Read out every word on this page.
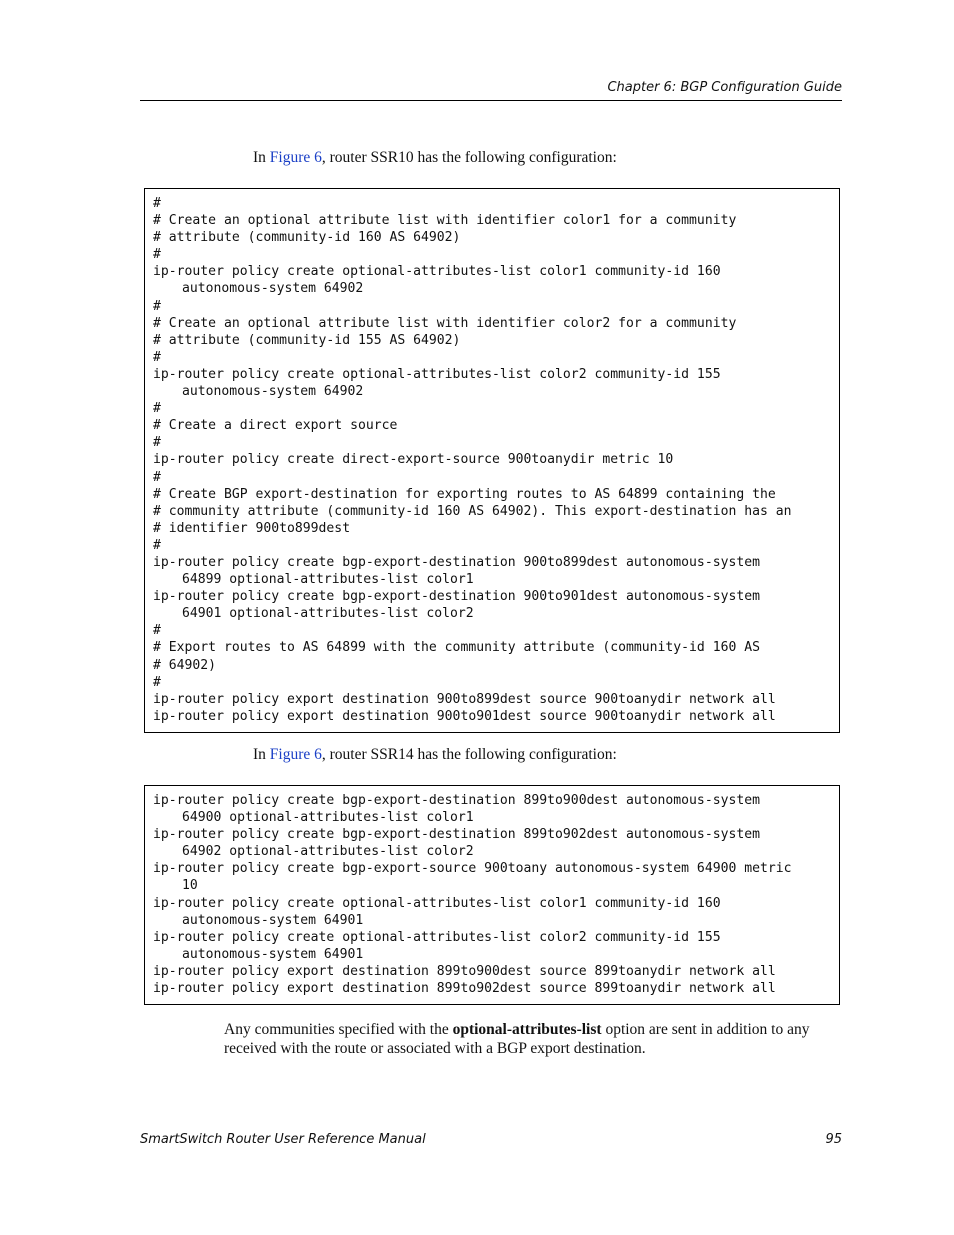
Chapter 6: BGP Configuration Guide
In Figure 6, router SSR10 has the following configuration:
#
# Create an optional attribute list with identifier color1 for a community
# attribute (community-id 160 AS 64902)
#
ip-router policy create optional-attributes-list color1 community-id 160
autonomous-system 64902
#
# Create an optional attribute list with identifier color2 for a community
# attribute (community-id 155 AS 64902)
#
ip-router policy create optional-attributes-list color2 community-id 155
autonomous-system 64902
#
# Create a direct export source
#
ip-router policy create direct-export-source 900toanydir metric 10
#
# Create BGP export-destination for exporting routes to AS 64899 containing the
# community attribute (community-id 160 AS 64902). This export-destination has an
# identifier 900to899dest
#
ip-router policy create bgp-export-destination 900to899dest autonomous-system
64899 optional-attributes-list color1
ip-router policy create bgp-export-destination 900to901dest autonomous-system
64901 optional-attributes-list color2
#
# Export routes to AS 64899 with the community attribute (community-id 160 AS
# 64902)
#
ip-router policy export destination 900to899dest source 900toanydir network all
ip-router policy export destination 900to901dest source 900toanydir network all
In Figure 6, router SSR14 has the following configuration:
ip-router policy create bgp-export-destination 899to900dest autonomous-system
64900 optional-attributes-list color1
ip-router policy create bgp-export-destination 899to902dest autonomous-system
64902 optional-attributes-list color2
ip-router policy create bgp-export-source 900toany autonomous-system 64900 metric
10
ip-router policy create optional-attributes-list color1 community-id 160
autonomous-system 64901
ip-router policy create optional-attributes-list color2 community-id 155
autonomous-system 64901
ip-router policy export destination 899to900dest source 899toanydir network all
ip-router policy export destination 899to902dest source 899toanydir network all
Any communities specified with the optional-attributes-list option are sent in addition to any received with the route or associated with a BGP export destination.
SmartSwitch Router User Reference Manual	95
